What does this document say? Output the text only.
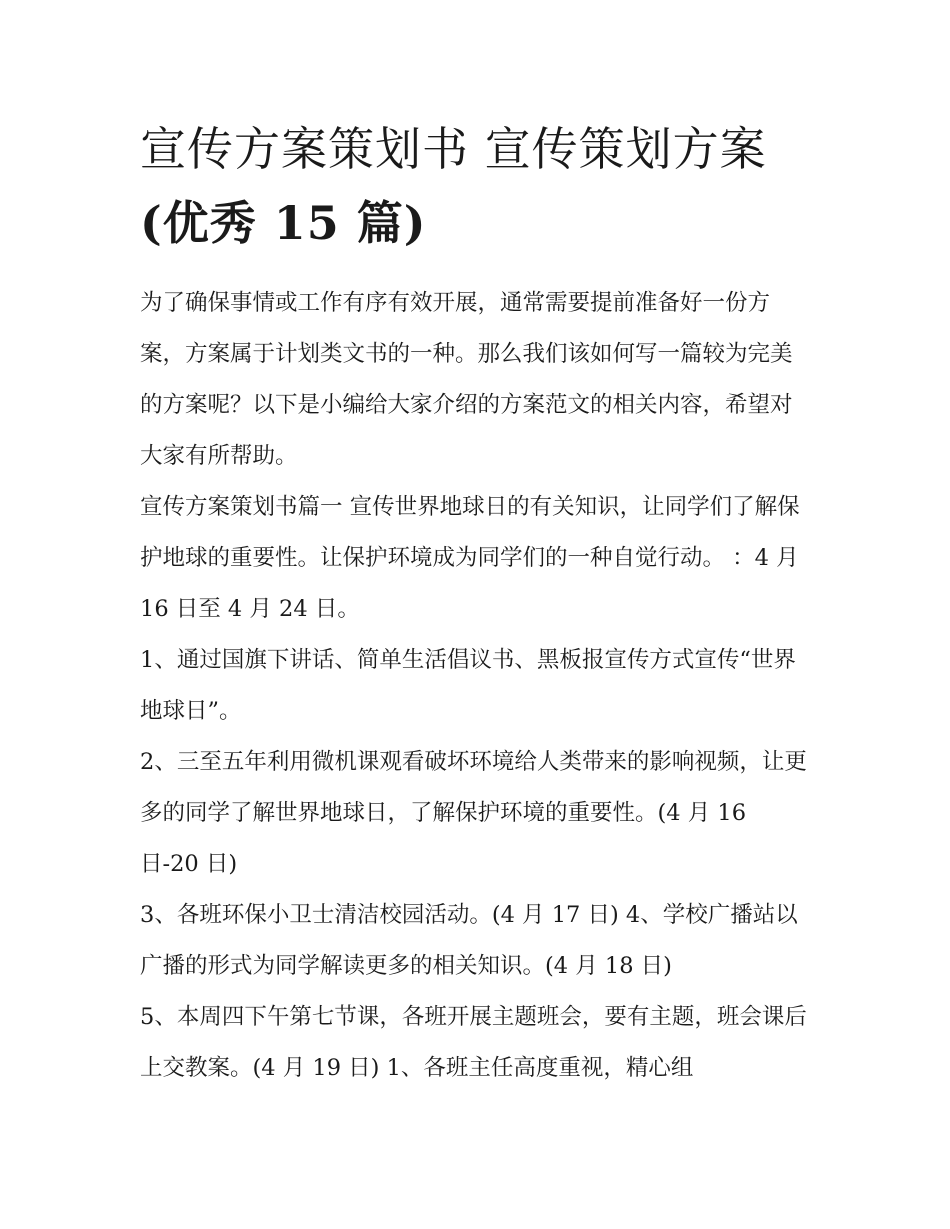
宣传方案策划书 宣传策划方案
(优秀 15 篇)

为了确保事情或工作有序有效开展，通常需要提前准备好一份方案，方案属于计划类文书的一种。那么我们该如何写一篇较为完美的方案呢？以下是小编给大家介绍的方案范文的相关内容，希望对大家有所帮助。

宣传方案策划书篇一 宣传世界地球日的有关知识，让同学们了解保护地球的重要性。让保护环境成为同学们的一种自觉行动。 ：4 月 16 日至 4 月 24 日。

1、通过国旗下讲话、简单生活倡议书、黑板报宣传方式宣传“世界地球日”。

2、三至五年利用微机课观看破坏环境给人类带来的影响视频，让更多的同学了解世界地球日，了解保护环境的重要性。(4 月 16 日-20 日)

3、各班环保小卫士清洁校园活动。(4 月 17 日) 4、学校广播站以广播的形式为同学解读更多的相关知识。(4 月 18 日)

5、本周四下午第七节课，各班开展主题班会，要有主题，班会课后上交教案。(4 月 19 日) 1、各班主任高度重视，精心组
